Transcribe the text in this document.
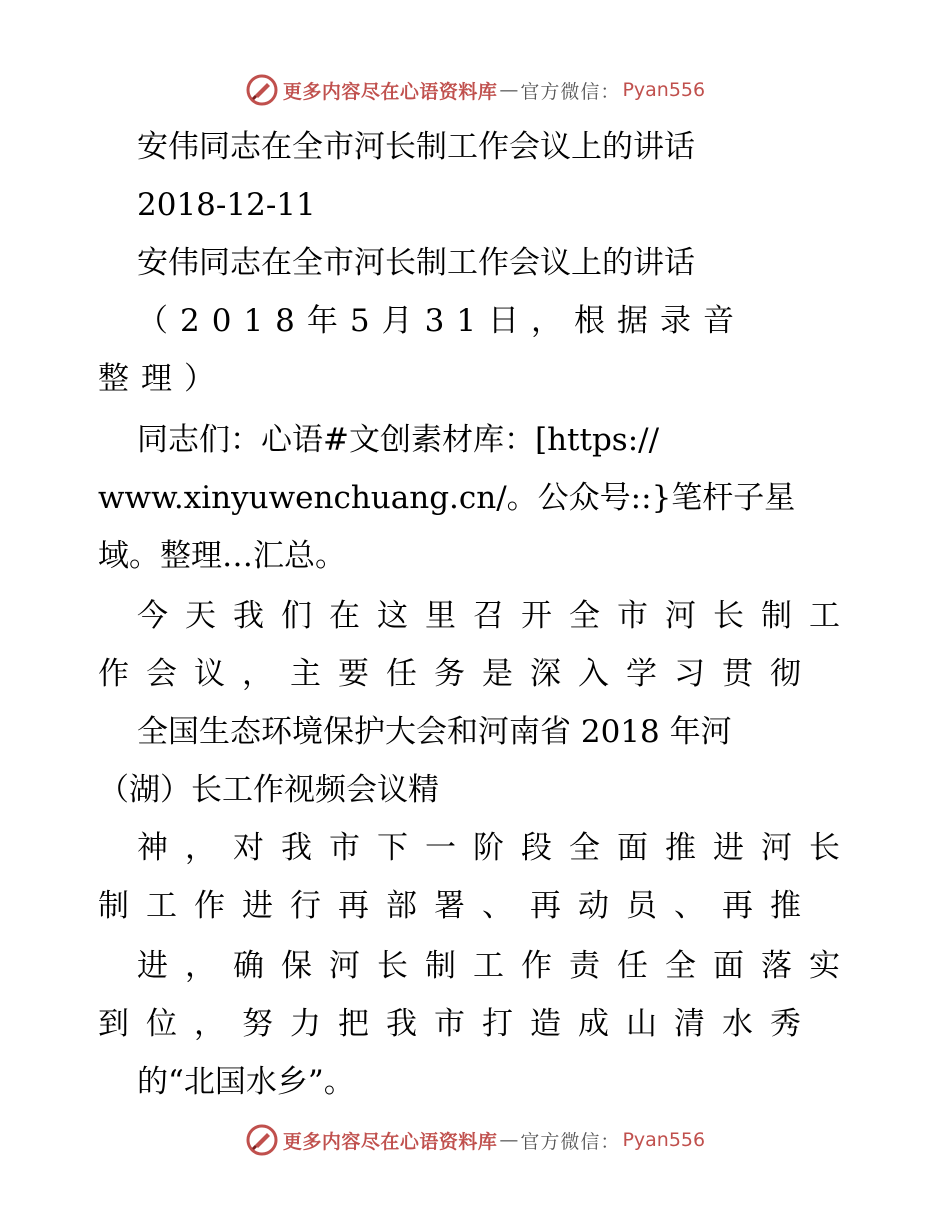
更多内容尽在心语资料库 — 官方微信： Pyan556
安伟同志在全市河长制工作会议上的讲话
2018-12-11
安伟同志在全市河长制工作会议上的讲话
（2018年5月31日，根据录音
整理）
同志们：心语#文创素材库：[https://
www.xinyuwenchuang.cn/。公众号::}笔杆子星
域。整理…汇总。
今天我们在这里召开全市河长制工
作会议，主要任务是深入学习贯彻
全国生态环境保护大会和河南省 2018 年河
（湖）长工作视频会议精
神，对我市下一阶段全面推进河长
制工作进行再部署、再动员、再推
进，确保河长制工作责任全面落实
到位，努力把我市打造成山清水秀
的“北国水乡”。
更多内容尽在心语资料库 — 官方微信： Pyan556
